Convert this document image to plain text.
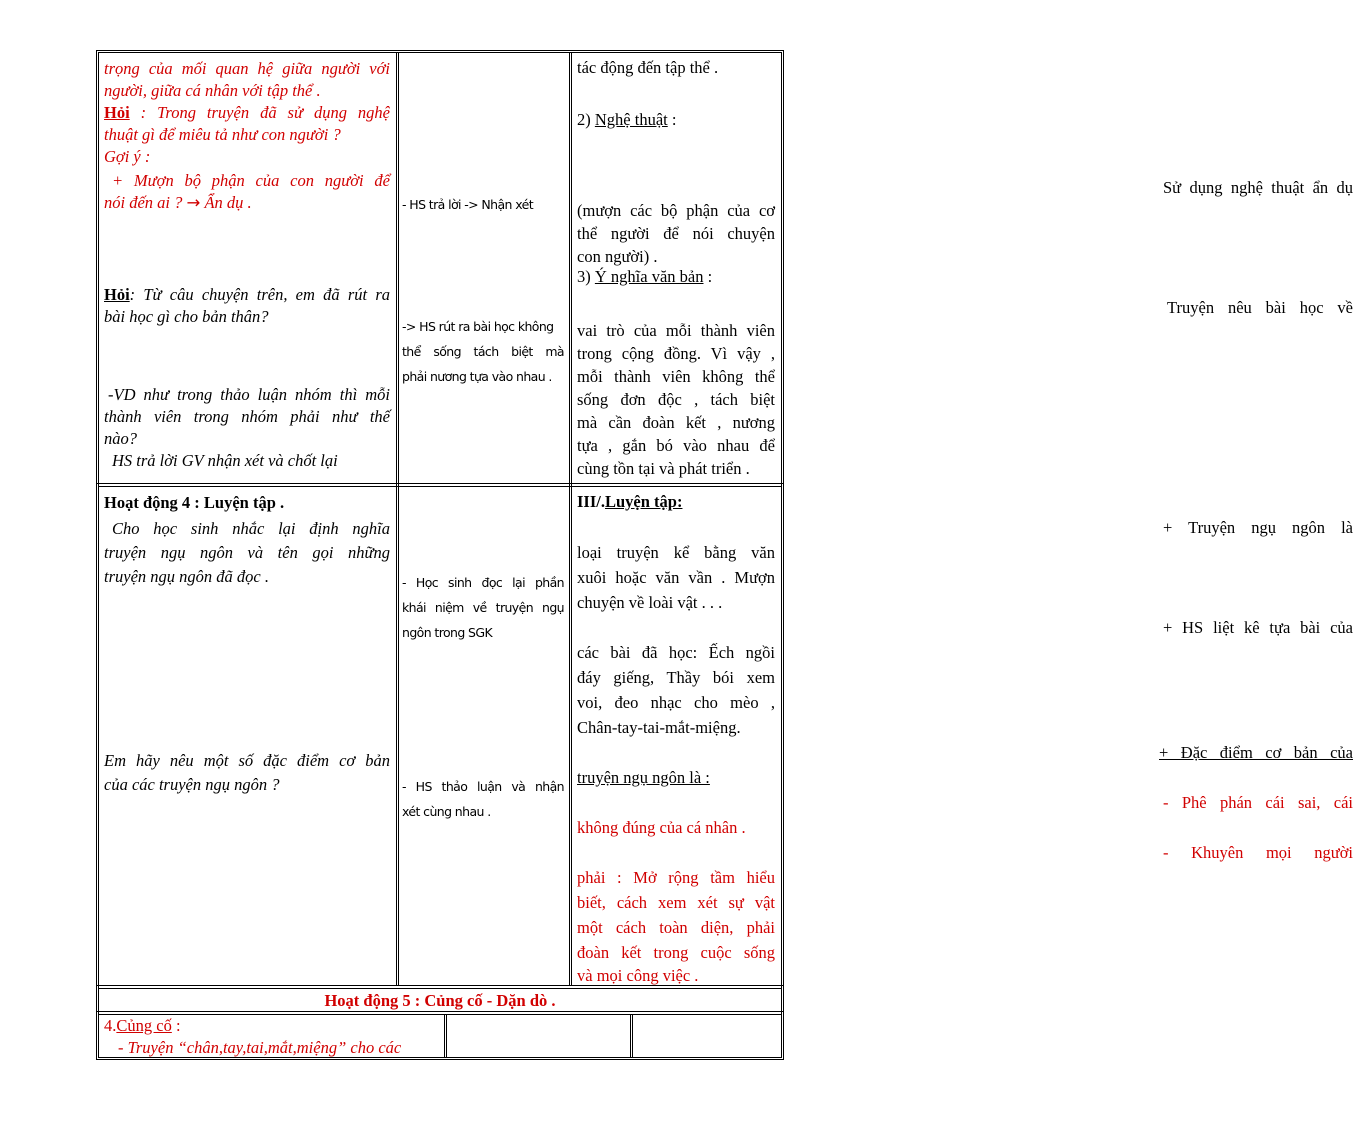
trọng của mối quan hệ giữa người với
người, giữa cá nhân với tập thể .
Hỏi : Trong truyện đã sử dụng nghệ
thuật gì để miêu tả như con người ?
Gợi ý :
+ Mượn bộ phận của con người để
nói đến ai ? → Ẩn dụ .
Hỏi: Từ câu chuyện trên, em đã rút ra
bài học gì cho bản thân?
-VD như trong thảo luận nhóm thì mỗi
thành viên trong nhóm phải như thế
nào?
HS trả lời GV nhận xét và chốt lại
- HS trả lời -> Nhận xét
-> HS rút ra bài học không
thể sống tách biệt mà
phải nương tựa vào nhau .
tác động đến tập thể .
2) Nghệ thuật :
Sử dụng nghệ thuật ẩn dụ
(mượn các bộ phận của cơ
thể người để nói chuyện
con người) .
3) Ý nghĩa văn bản :
Truyện nêu bài học về
vai trò của mỗi thành viên
trong cộng đồng. Vì vậy ,
mỗi thành viên không thể
sống đơn độc , tách biệt
mà cần đoàn kết , nương
tựa , gắn bó vào nhau để
cùng tồn tại và phát triển .
Hoạt động 4 : Luyện tập .
Cho học sinh nhắc lại định nghĩa
truyện ngụ ngôn và tên gọi những
truyện ngụ ngôn đã đọc .
Em hãy nêu một số đặc điểm cơ bản
của các truyện ngụ ngôn ?
- Học sinh đọc lại phần
khái niệm về truyện ngụ
ngôn trong SGK
- HS thảo luận và nhận
xét cùng nhau .
III/.Luyện tập:
+ Truyện ngụ ngôn là
loại truyện kể bằng văn
xuôi hoặc văn vần . Mượn
chuyện về loài vật . . .
+ HS liệt kê tựa bài của
các bài đã học: Ếch ngồi
đáy giếng, Thầy bói xem
voi, đeo nhạc cho mèo ,
Chân-tay-tai-mắt-miệng.
+ Đặc điểm cơ bản của
truyện ngụ ngôn là :
- Phê phán cái sai, cái
không đúng của cá nhân .
- Khuyên mọi người
phải : Mở rộng tầm hiểu
biết, cách xem xét sự vật
một cách toàn diện, phải
đoàn kết trong cuộc sống
và mọi công việc .
Hoạt động 5 : Củng cố - Dặn dò .
4.Củng cố :
- Truyện “chân,tay,tai,mắt,miệng” cho các
